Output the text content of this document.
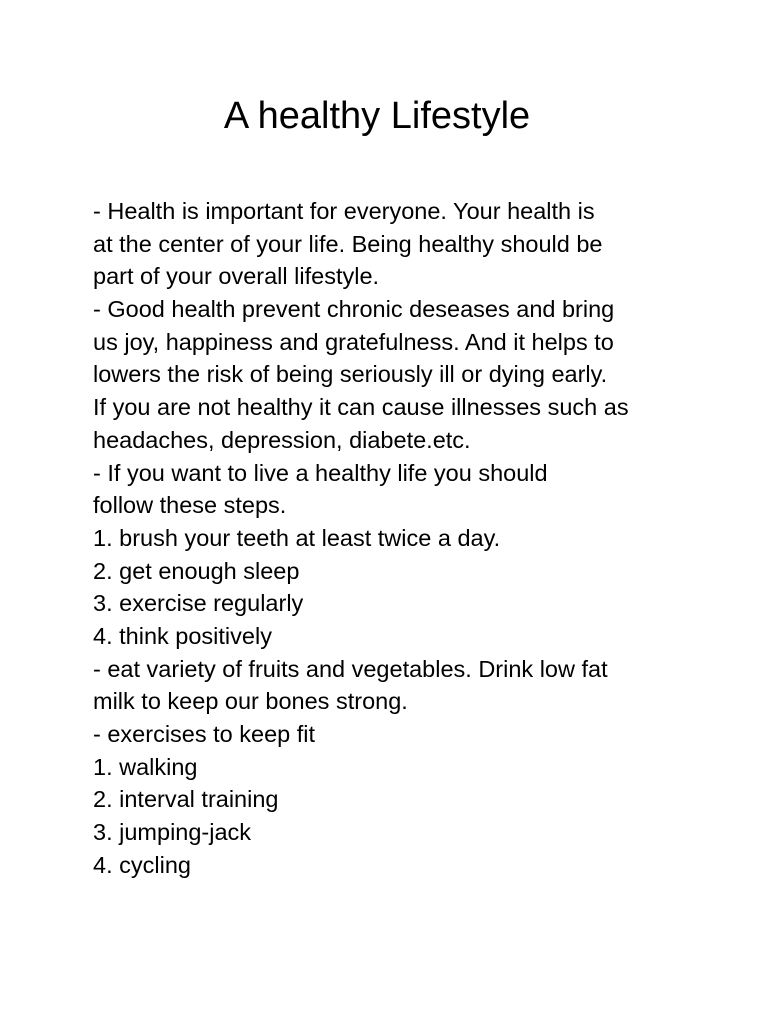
A healthy Lifestyle
- Health is important for everyone. Your health is
at the center of your life. Being healthy should be
part of your overall lifestyle.
- Good health prevent chronic deseases and bring
us joy, happiness and gratefulness. And it helps to
lowers the risk of being seriously ill or dying early.
If you are not healthy it can cause illnesses such as
headaches, depression, diabete.etc.
- If you want to live a healthy life you should
follow these steps.
1. brush your teeth at least twice a day.
2. get enough sleep
3. exercise regularly
4. think positively
- eat variety of fruits and vegetables. Drink low fat
milk to keep our bones strong.
- exercises to keep fit
1. walking
2. interval training
3. jumping-jack
4. cycling
